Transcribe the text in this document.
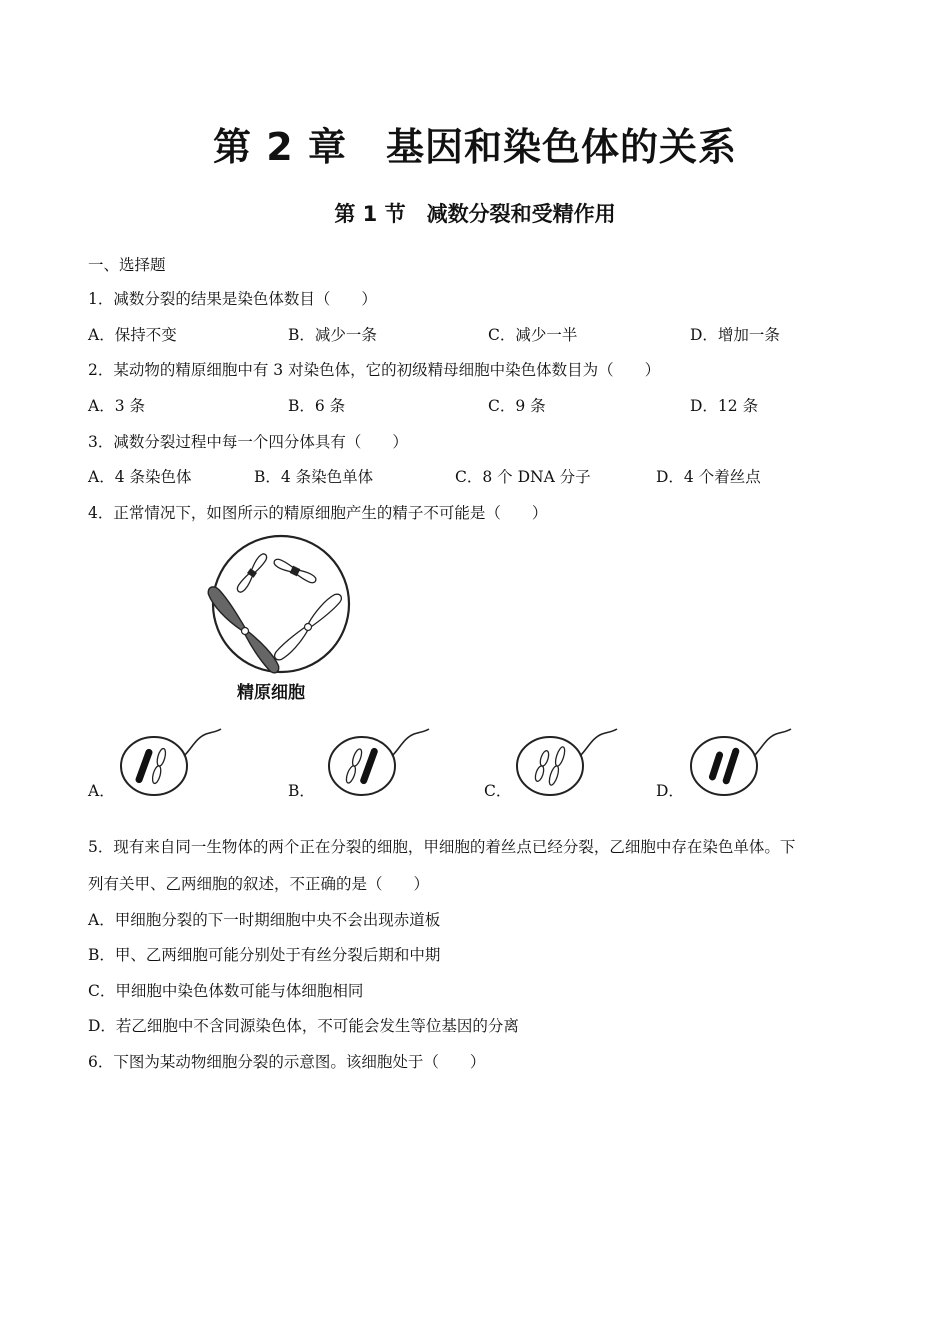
第 2 章　基因和染色体的关系
第 1 节　减数分裂和受精作用
一、选择题
1．减数分裂的结果是染色体数目（　　）
A．保持不变	B．减少一条	C．减少一半	D．增加一条
2．某动物的精原细胞中有 3 对染色体，它的初级精母细胞中染色体数目为（　　）
A．3 条	B．6 条	C．9 条	D．12 条
3．减数分裂过程中每一个四分体具有（　　）
A．4 条染色体	B．4 条染色单体	C．8 个 DNA 分子	D．4 个着丝点
4．正常情况下，如图所示的精原细胞产生的精子不可能是（　　）
精原细胞
A．	B．	C．	D．
5．现有来自同一生物体的两个正在分裂的细胞，甲细胞的着丝点已经分裂，乙细胞中存在染色单体。下
列有关甲、乙两细胞的叙述，不正确的是（　　）
A．甲细胞分裂的下一时期细胞中央不会出现赤道板
B．甲、乙两细胞可能分别处于有丝分裂后期和中期
C．甲细胞中染色体数可能与体细胞相同
D．若乙细胞中不含同源染色体，不可能会发生等位基因的分离
6．下图为某动物细胞分裂的示意图。该细胞处于（　　）
